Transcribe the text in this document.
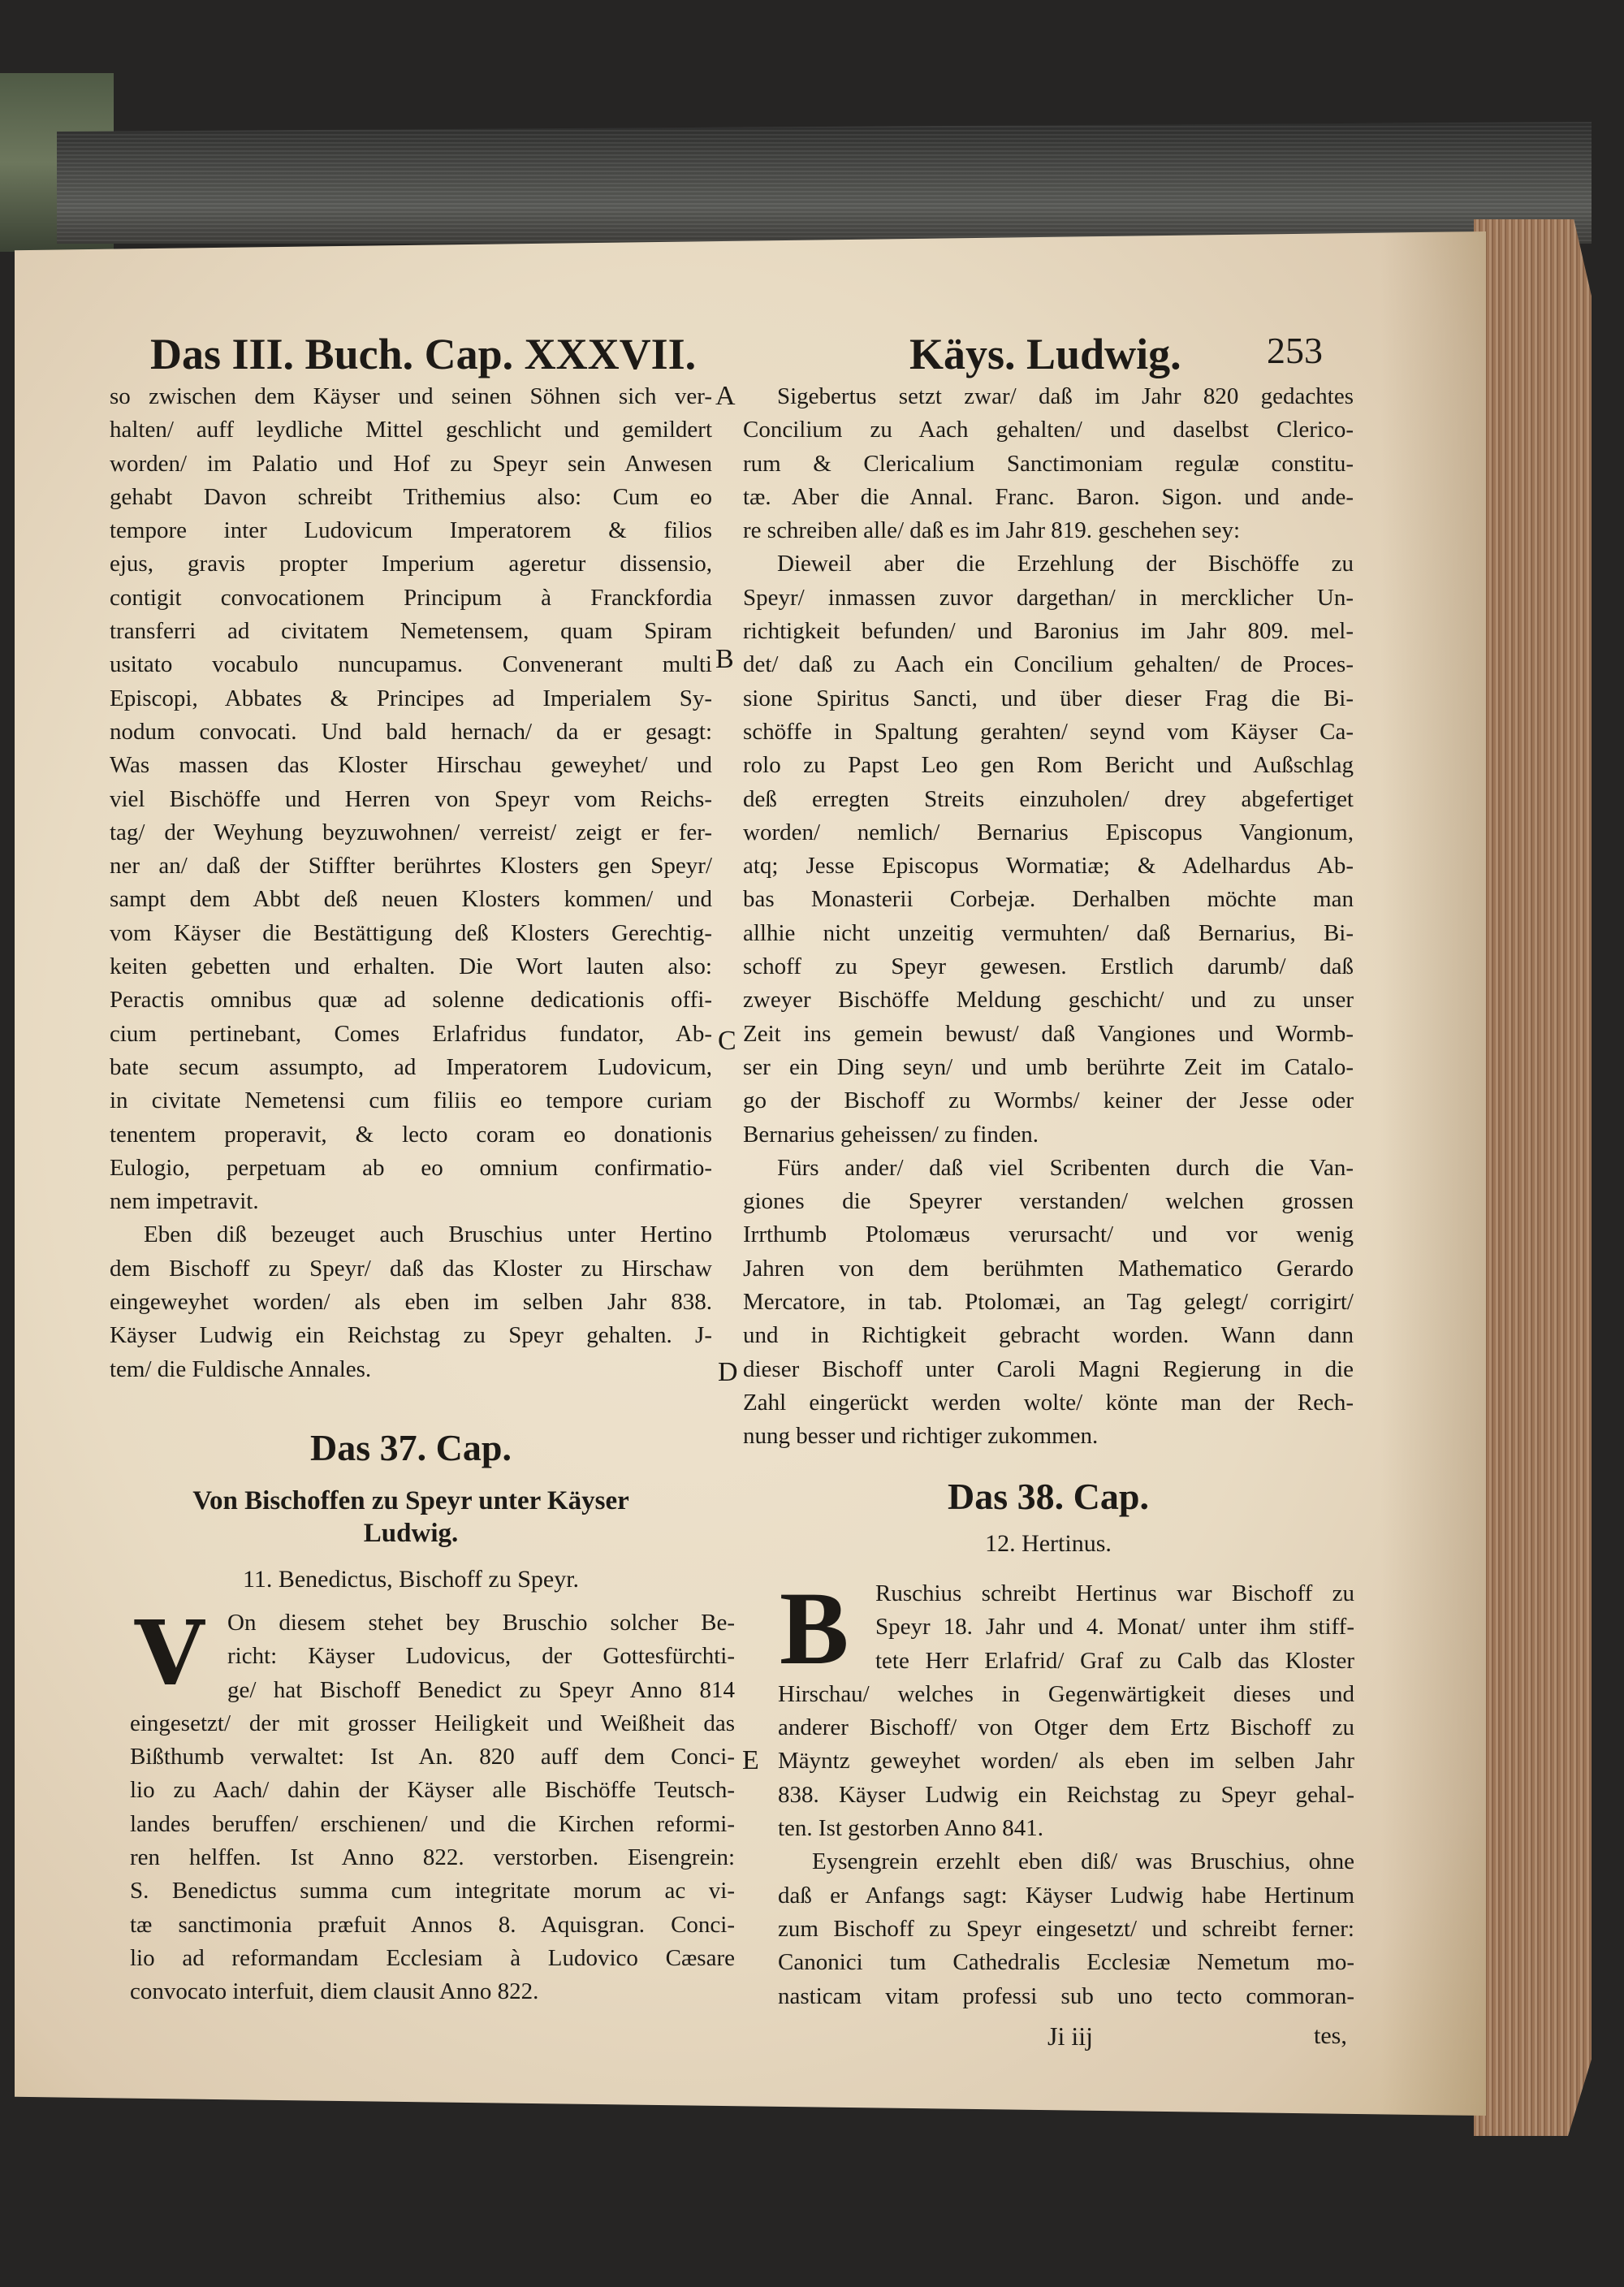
Das III. Buch. Cap. XXXVII.	Käys. Ludwig. 253
A
B
C
D
E
so zwischen dem Käyser und seinen Söhnen sich ver-
halten/ auff leydliche Mittel geschlicht und gemildert
worden/ im Palatio und Hof zu Speyr sein Anwesen
gehabt Davon schreibt Trithemius also: Cum eo
tempore inter Ludovicum Imperatorem & filios
ejus, gravis propter Imperium ageretur dissensio,
contigit convocationem Principum à Franckfordia
transferri ad civitatem Nemetensem, quam Spiram
usitato vocabulo nuncupamus. Convenerant multi
Episcopi, Abbates & Principes ad Imperialem Sy-
nodum convocati. Und bald hernach/ da er gesagt:
Was massen das Kloster Hirschau geweyhet/ und
viel Bischöffe und Herren von Speyr vom Reichs-
tag/ der Weyhung beyzuwohnen/ verreist/ zeigt er fer-
ner an/ daß der Stiffter berührtes Klosters gen Speyr/
sampt dem Abbt deß neuen Klosters kommen/ und
vom Käyser die Bestättigung deß Klosters Gerechtig-
keiten gebetten und erhalten. Die Wort lauten also:
Peractis omnibus quæ ad solenne dedicationis offi-
cium pertinebant, Comes Erlafridus fundator, Ab-
bate secum assumpto, ad Imperatorem Ludovicum,
in civitate Nemetensi cum filiis eo tempore curiam
tenentem properavit, & lecto coram eo donationis
Eulogio, perpetuam ab eo omnium confirmatio-
nem impetravit.
Eben diß bezeuget auch Bruschius unter Hertino
dem Bischoff zu Speyr/ daß das Kloster zu Hirschaw
eingeweyhet worden/ als eben im selben Jahr 838.
Käyser Ludwig ein Reichstag zu Speyr gehalten. J-
tem/ die Fuldische Annales.
Das 37. Cap.
Von Bischoffen zu Speyr unter Käyser
Ludwig.
11. Benedictus, Bischoff zu Speyr.
V On diesem stehet bey Bruschio solcher Be-
richt: Käyser Ludovicus, der Gottesfürchti-
ge/ hat Bischoff Benedict zu Speyr Anno 814
eingesetzt/ der mit grosser Heiligkeit und Weißheit das
Bißthumb verwaltet: Ist An. 820 auff dem Conci-
lio zu Aach/ dahin der Käyser alle Bischöffe Teutsch-
landes beruffen/ erschienen/ und die Kirchen reformi-
ren helffen. Ist Anno 822. verstorben. Eisengrein:
S. Benedictus summa cum integritate morum ac vi-
tæ sanctimonia præfuit Annos 8. Aquisgran. Conci-
lio ad reformandam Ecclesiam à Ludovico Cæsare
convocato interfuit, diem clausit Anno 822.
Sigebertus setzt zwar/ daß im Jahr 820 gedachtes
Concilium zu Aach gehalten/ und daselbst Clerico-
rum & Clericalium Sanctimoniam regulæ constitu-
tæ. Aber die Annal. Franc. Baron. Sigon. und ande-
re schreiben alle/ daß es im Jahr 819. geschehen sey:
Dieweil aber die Erzehlung der Bischöffe zu
Speyr/ inmassen zuvor dargethan/ in mercklicher Un-
richtigkeit befunden/ und Baronius im Jahr 809. mel-
det/ daß zu Aach ein Concilium gehalten/ de Proces-
sione Spiritus Sancti, und über dieser Frag die Bi-
schöffe in Spaltung gerahten/ seynd vom Käyser Ca-
rolo zu Papst Leo gen Rom Bericht und Außschlag
deß erregten Streits einzuholen/ drey abgefertiget
worden/ nemlich/ Bernarius Episcopus Vangionum,
atq; Jesse Episcopus Wormatiæ; & Adelhardus Ab-
bas Monasterii Corbejæ. Derhalben möchte man
allhie nicht unzeitig vermuhten/ daß Bernarius, Bi-
schoff zu Speyr gewesen. Erstlich darumb/ daß
zweyer Bischöffe Meldung geschicht/ und zu unser
Zeit ins gemein bewust/ daß Vangiones und Wormb-
ser ein Ding seyn/ und umb berührte Zeit im Catalo-
go der Bischoff zu Wormbs/ keiner der Jesse oder
Bernarius geheissen/ zu finden.
Fürs ander/ daß viel Scribenten durch die Van-
giones die Speyrer verstanden/ welchen grossen
Irrthumb Ptolomæus verursacht/ und vor wenig
Jahren von dem berühmten Mathematico Gerardo
Mercatore, in tab. Ptolomæi, an Tag gelegt/ corrigirt/
und in Richtigkeit gebracht worden. Wann dann
dieser Bischoff unter Caroli Magni Regierung in die
Zahl eingerückt werden wolte/ könte man der Rech-
nung besser und richtiger zukommen.
Das 38. Cap.
12. Hertinus.
B	Ruschius schreibt Hertinus war Bischoff zu
Speyr 18. Jahr und 4. Monat/ unter ihm stiff-
tete Herr Erlafrid/ Graf zu Calb das Kloster
Hirschau/ welches in Gegenwärtigkeit dieses und
anderer Bischoff/ von Otger dem Ertz Bischoff zu
Mäyntz geweyhet worden/ als eben im selben Jahr
838. Käyser Ludwig ein Reichstag zu Speyr gehal-
ten. Ist gestorben Anno 841.
Eysengrein erzehlt eben diß/ was Bruschius, ohne
daß er Anfangs sagt: Käyser Ludwig habe Hertinum
zum Bischoff zu Speyr eingesetzt/ und schreibt ferner:
Canonici tum Cathedralis Ecclesiæ Nemetum mo-
nasticam vitam professi sub uno tecto commoran-
Ji iij	tes,
